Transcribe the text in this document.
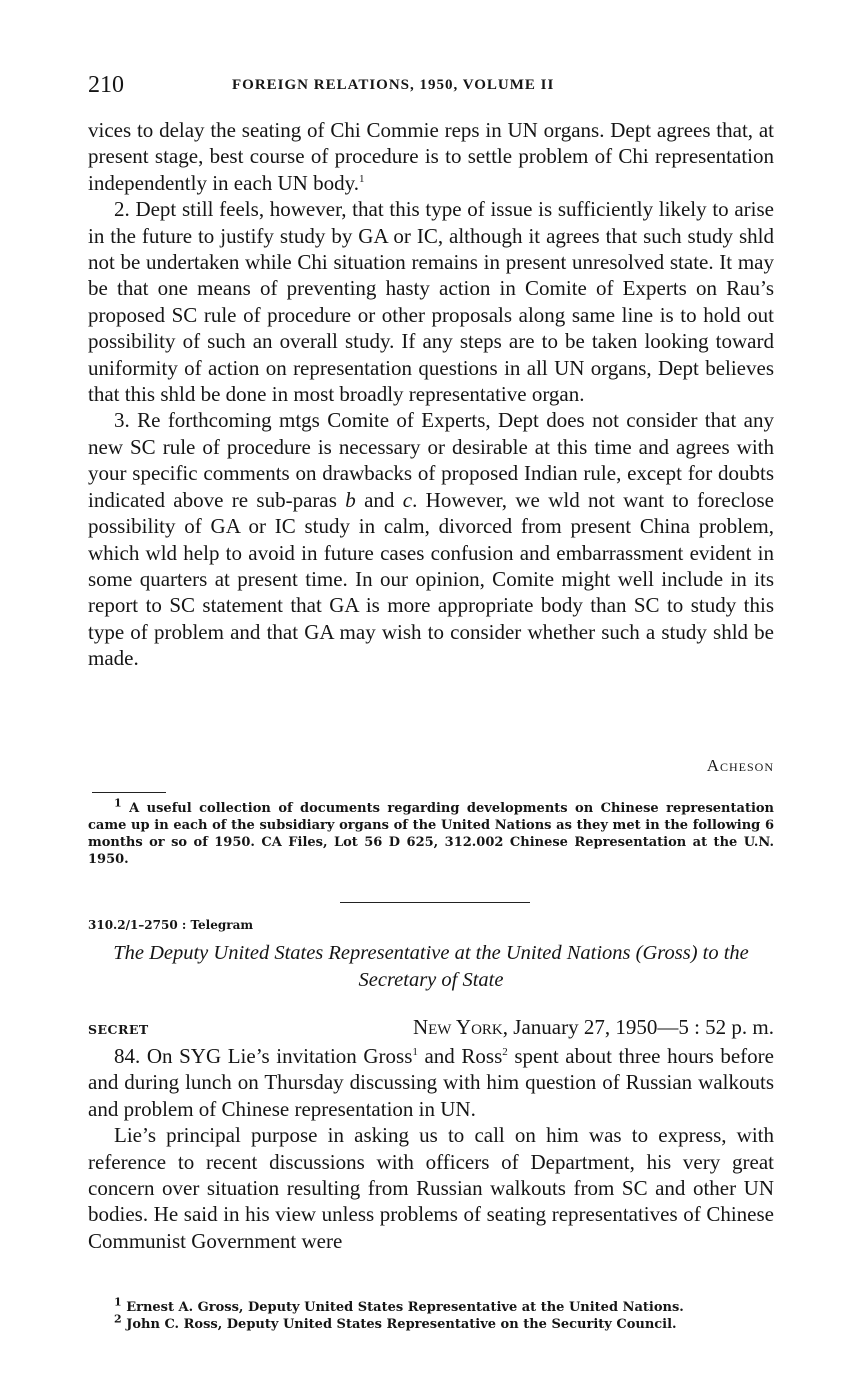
210	FOREIGN RELATIONS, 1950, VOLUME II

vices to delay the seating of Chi Commie reps in UN organs. Dept agrees that, at present stage, best course of procedure is to settle problem of Chi representation independently in each UN body.$^1$

2. Dept still feels, however, that this type of issue is sufficiently likely to arise in the future to justify study by GA or IC, although it agrees that such study shld not be undertaken while Chi situation remains in present unresolved state. It may be that one means of preventing hasty action in Comite of Experts on Rau’s proposed SC rule of procedure or other proposals along same line is to hold out possibility of such an overall study. If any steps are to be taken looking toward uniformity of action on representation questions in all UN organs, Dept believes that this shld be done in most broadly representative organ.

3. Re forthcoming mtgs Comite of Experts, Dept does not consider that any new SC rule of procedure is necessary or desirable at this time and agrees with your specific comments on drawbacks of proposed Indian rule, except for doubts indicated above re sub-paras b and c. However, we wld not want to foreclose possibility of GA or IC study in calm, divorced from present China problem, which wld help to avoid in future cases confusion and embarrassment evident in some quarters at present time. In our opinion, Comite might well include in its report to SC statement that GA is more appropriate body than SC to study this type of problem and that GA may wish to consider whether such a study shld be made.

Acheson

$^1$ A useful collection of documents regarding developments on Chinese representation came up in each of the subsidiary organs of the United Nations as they met in the following 6 months or so of 1950. CA Files, Lot 56 D 625, 312.002 Chinese Representation at the U.N. 1950.

310.2/1–2750 : Telegram
The Deputy United States Representative at the United Nations (Gross) to the Secretary of State
SECRET	New York, January 27, 1950—5 : 52 p. m.

84. On SYG Lie’s invitation Gross$^1$ and Ross$^2$ spent about three hours before and during lunch on Thursday discussing with him question of Russian walkouts and problem of Chinese representation in UN.

Lie’s principal purpose in asking us to call on him was to express, with reference to recent discussions with officers of Department, his very great concern over situation resulting from Russian walkouts from SC and other UN bodies. He said in his view unless problems of seating representatives of Chinese Communist Government were

$^1$ Ernest A. Gross, Deputy United States Representative at the United Nations.

$^2$ John C. Ross, Deputy United States Representative on the Security Council.
